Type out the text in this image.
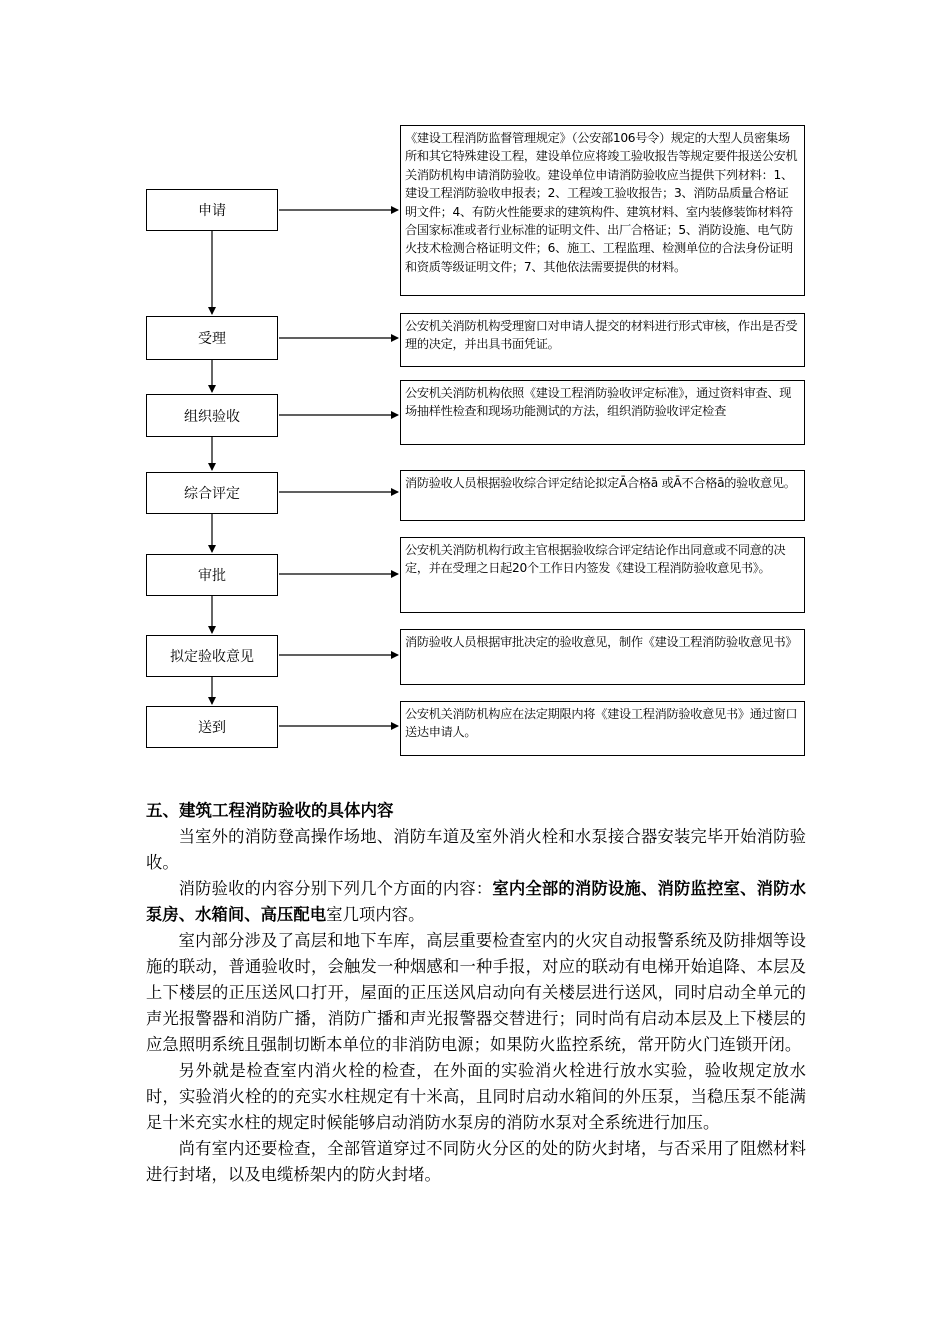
申请
受理
组织验收
综合评定
审批
拟定验收意见
送到
《建设工程消防监督管理规定》（公安部106号令）规定的大型人员密集场所和其它特殊建设工程，建设单位应将竣工验收报告等规定要件报送公安机关消防机构申请消防验收。建设单位申请消防验收应当提供下列材料：1、建设工程消防验收申报表；2、工程竣工验收报告；3、消防品质量合格证明文件；4、有防火性能要求的建筑构件、建筑材料、室内装修装饰材料符合国家标准或者行业标准的证明文件、出厂合格证；5、消防设施、电气防火技术检测合格证明文件；6、施工、工程监理、检测单位的合法身份证明和资质等级证明文件；7、其他依法需要提供的材料。
公安机关消防机构受理窗口对申请人提交的材料进行形式审核，作出是否受理的决定，并出具书面凭证。
公安机关消防机构依照《建设工程消防验收评定标准》，通过资料审查、现场抽样性检查和现场功能测试的方法，组织消防验收评定检查
消防验收人员根据验收综合评定结论拟定Ā合格ā 或Ā不合格ā的验收意见。
公安机关消防机构行政主官根据验收综合评定结论作出同意或不同意的决定，并在受理之日起20个工作日内签发《建设工程消防验收意见书》。
消防验收人员根据审批决定的验收意见，制作《建设工程消防验收意见书》
公安机关消防机构应在法定期限内将《建设工程消防验收意见书》通过窗口送达申请人。

五、建筑工程消防验收的具体内容

当室外的消防登高操作场地、消防车道及室外消火栓和水泵接合器安装完毕开始消防验收。

消防验收的内容分别下列几个方面的内容：室内全部的消防设施、消防监控室、消防水泵房、水箱间、高压配电室几项内容。

室内部分涉及了高层和地下车库，高层重要检查室内的火灾自动报警系统及防排烟等设施的联动，普通验收时，会触发一种烟感和一种手报，对应的联动有电梯开始追降、本层及上下楼层的正压送风口打开，屋面的正压送风启动向有关楼层进行送风，同时启动全单元的声光报警器和消防广播，消防广播和声光报警器交替进行；同时尚有启动本层及上下楼层的应急照明系统且强制切断本单位的非消防电源；如果防火监控系统，常开防火门连锁开闭。

另外就是检查室内消火栓的检查，在外面的实验消火栓进行放水实验，验收规定放水时，实验消火栓的的充实水柱规定有十米高，且同时启动水箱间的外压泵，当稳压泵不能满足十米充实水柱的规定时候能够启动消防水泵房的消防水泵对全系统进行加压。

尚有室内还要检查，全部管道穿过不同防火分区的处的防火封堵，与否采用了阻燃材料进行封堵，以及电缆桥架内的防火封堵。
